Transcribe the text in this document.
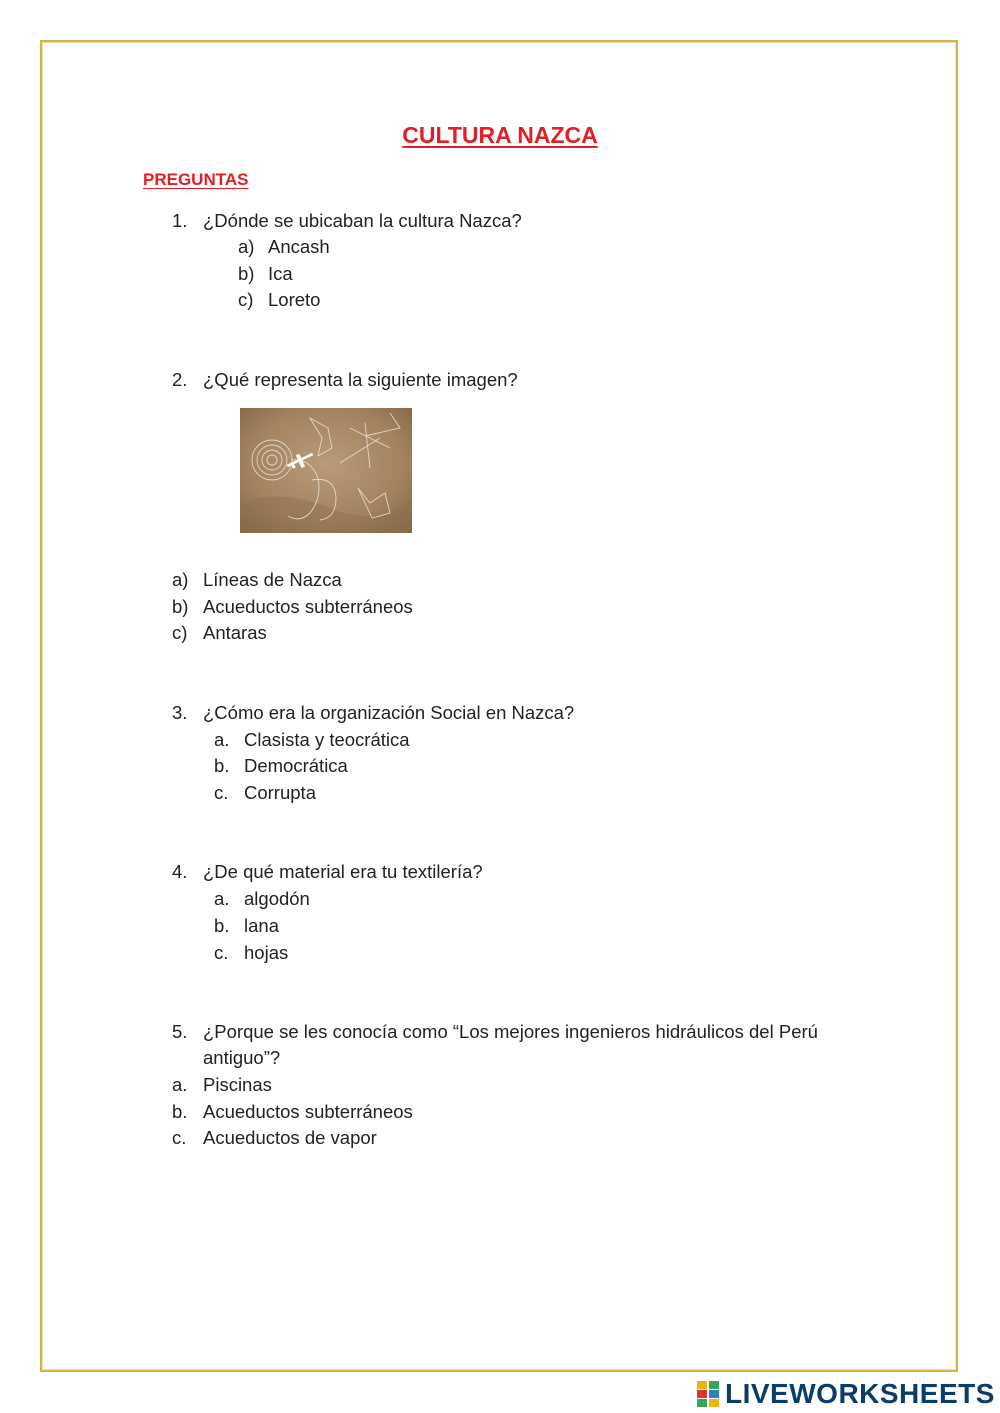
CULTURA NAZCA
PREGUNTAS
1. ¿Dónde se ubicaban la cultura Nazca?
a) Ancash
b) Ica
c) Loreto
2. ¿Qué representa la siguiente imagen?
a) Líneas de Nazca
b) Acueductos subterráneos
c) Antaras
3. ¿Cómo era la organización Social en Nazca?
a. Clasista y teocrática
b. Democrática
c. Corrupta
4. ¿De qué material era tu textilería?
a. algodón
b. lana
c. hojas
5. ¿Porque se les conocía como “Los mejores ingenieros hidráulicos del Perú
antiguo”?
a. Piscinas
b. Acueductos subterráneos
c. Acueductos de vapor
LIVEWORKSHEETS
